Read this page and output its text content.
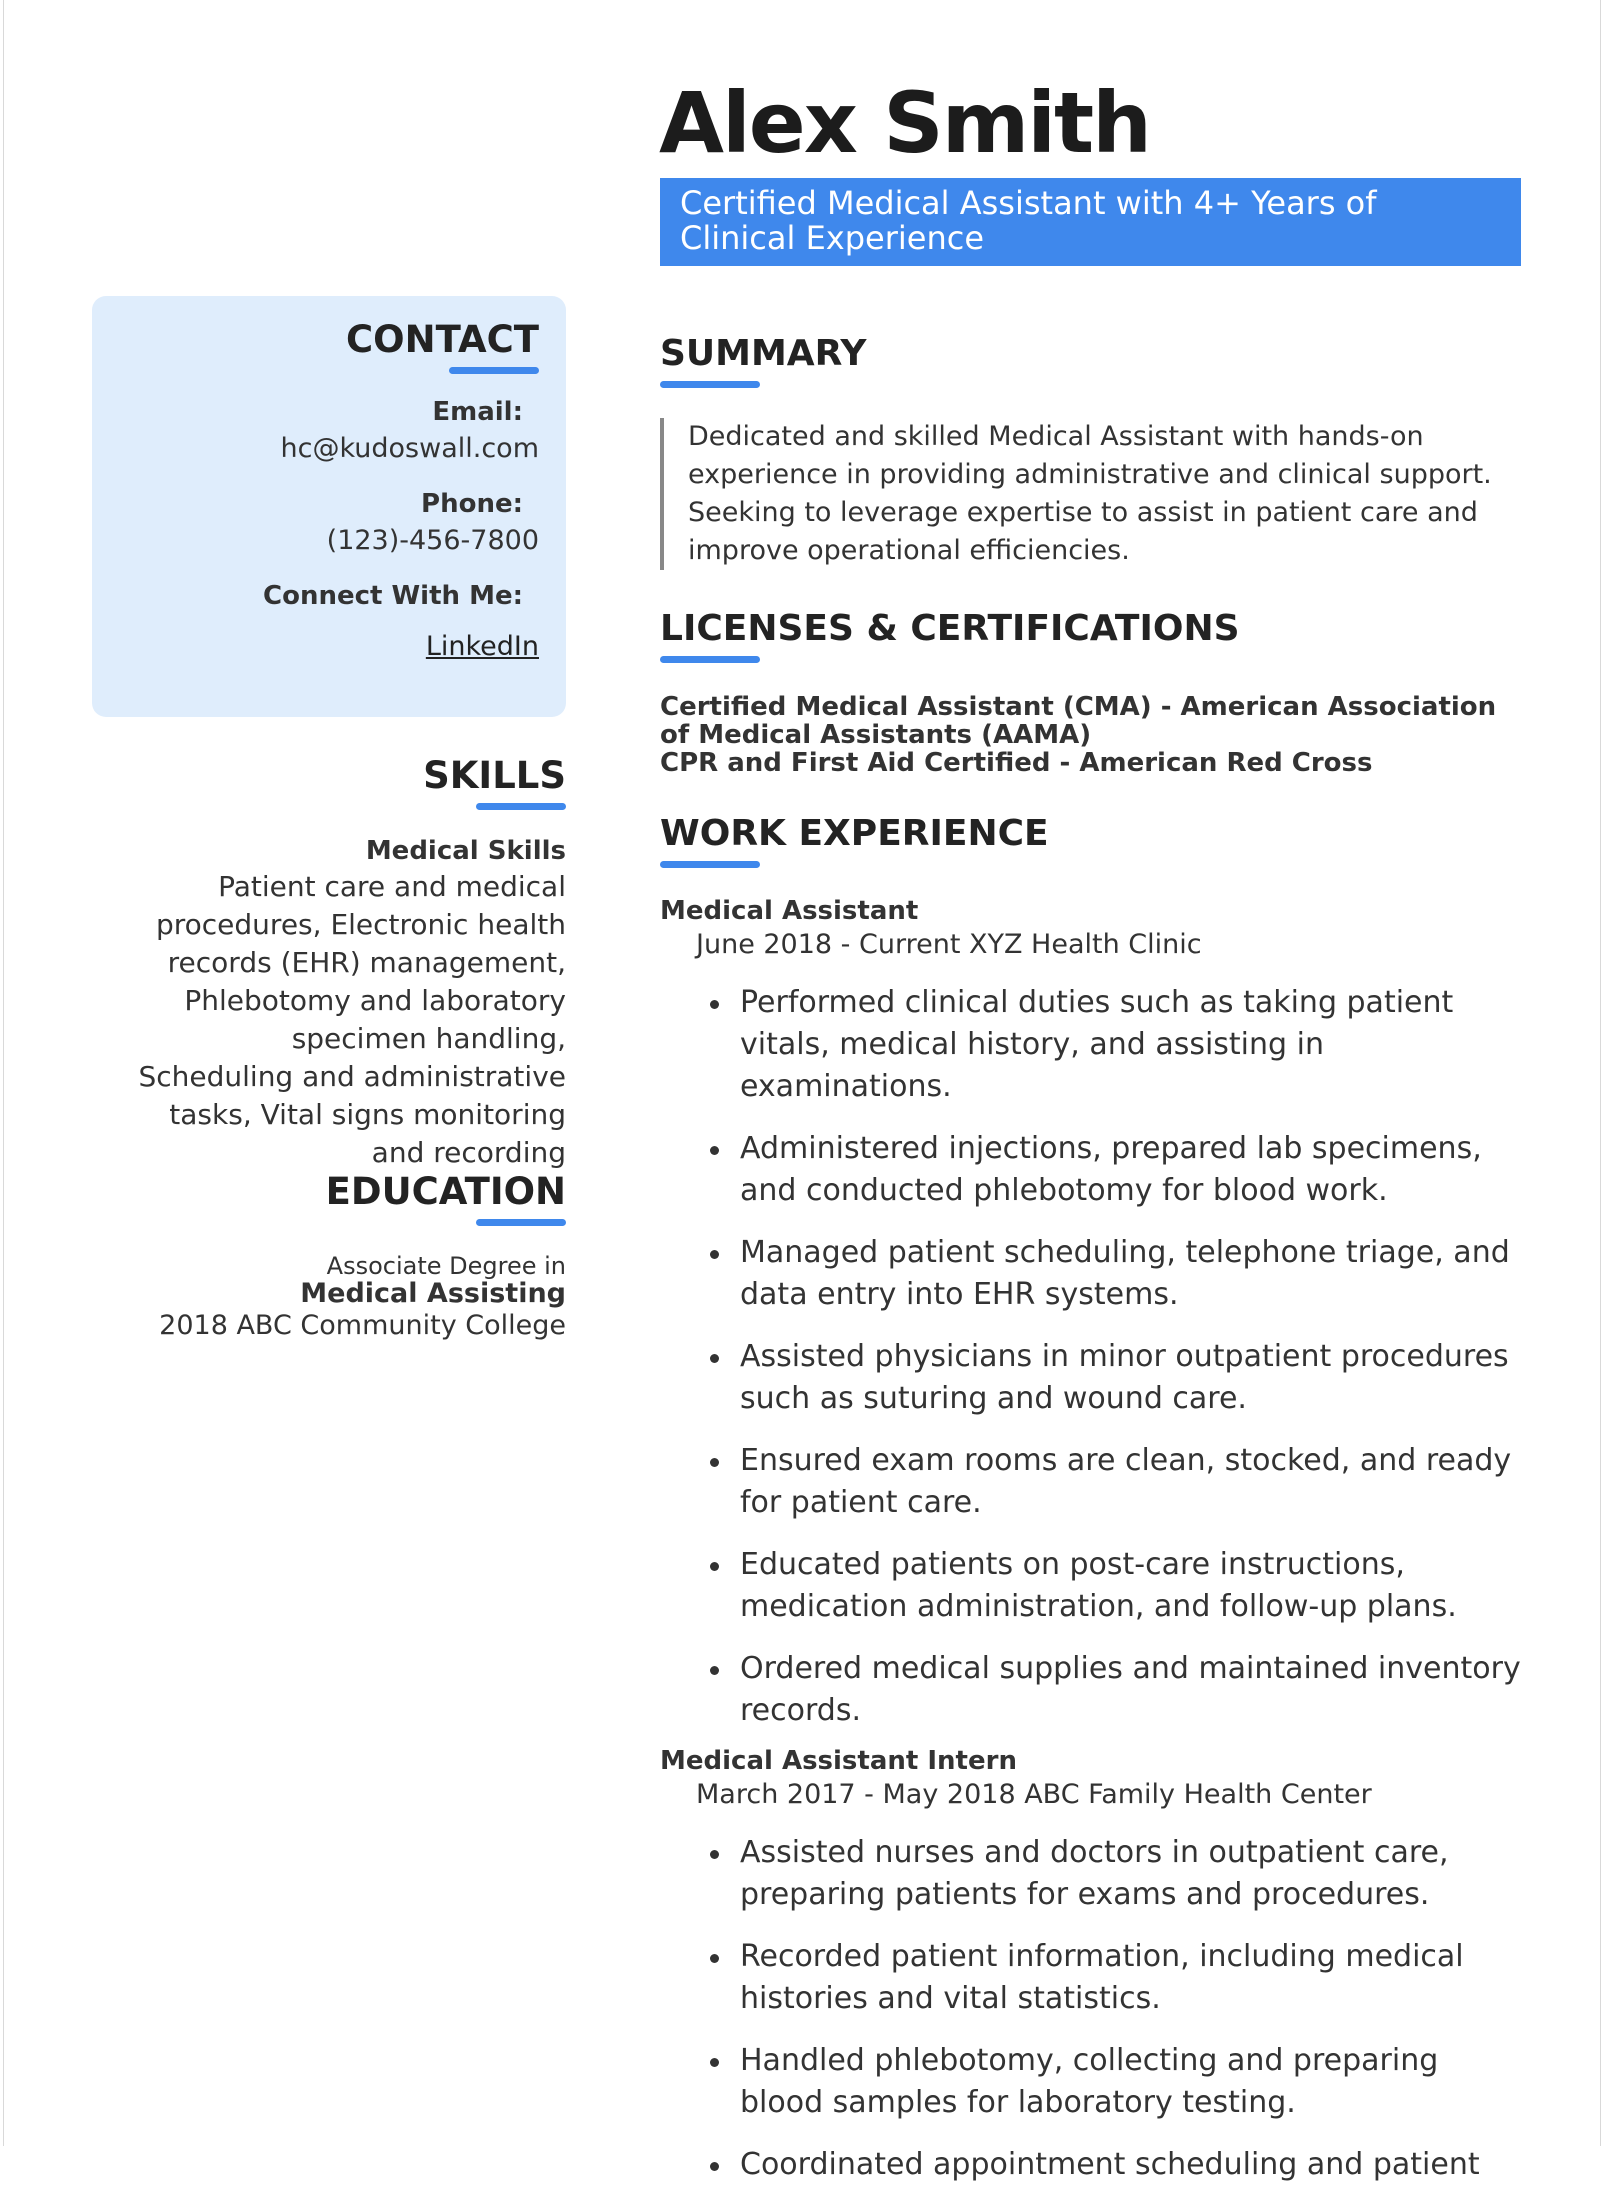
Alex Smith
Certified Medical Assistant with 4+ Years of Clinical Experience
CONTACT
Email:
hc@kudoswall.com
Phone:
(123)-456-7800
Connect With Me:
LinkedIn
SKILLS
Medical Skills
Patient care and medical procedures, Electronic health records (EHR) management, Phlebotomy and laboratory specimen handling, Scheduling and administrative tasks, Vital signs monitoring and recording
EDUCATION
Associate Degree in Medical Assisting
2018 ABC Community College
SUMMARY
Dedicated and skilled Medical Assistant with hands-on experience in providing administrative and clinical support. Seeking to leverage expertise to assist in patient care and improve operational efficiencies.
LICENSES & CERTIFICATIONS
Certified Medical Assistant (CMA) - American Association of Medical Assistants (AAMA)
CPR and First Aid Certified - American Red Cross
WORK EXPERIENCE
Medical Assistant
June 2018 - Current XYZ Health Clinic
Performed clinical duties such as taking patient vitals, medical history, and assisting in examinations.
Administered injections, prepared lab specimens, and conducted phlebotomy for blood work.
Managed patient scheduling, telephone triage, and data entry into EHR systems.
Assisted physicians in minor outpatient procedures such as suturing and wound care.
Ensured exam rooms are clean, stocked, and ready for patient care.
Educated patients on post-care instructions, medication administration, and follow-up plans.
Ordered medical supplies and maintained inventory records.
Medical Assistant Intern
March 2017 - May 2018 ABC Family Health Center
Assisted nurses and doctors in outpatient care, preparing patients for exams and procedures.
Recorded patient information, including medical histories and vital statistics.
Handled phlebotomy, collecting and preparing blood samples for laboratory testing.
Coordinated appointment scheduling and patient
